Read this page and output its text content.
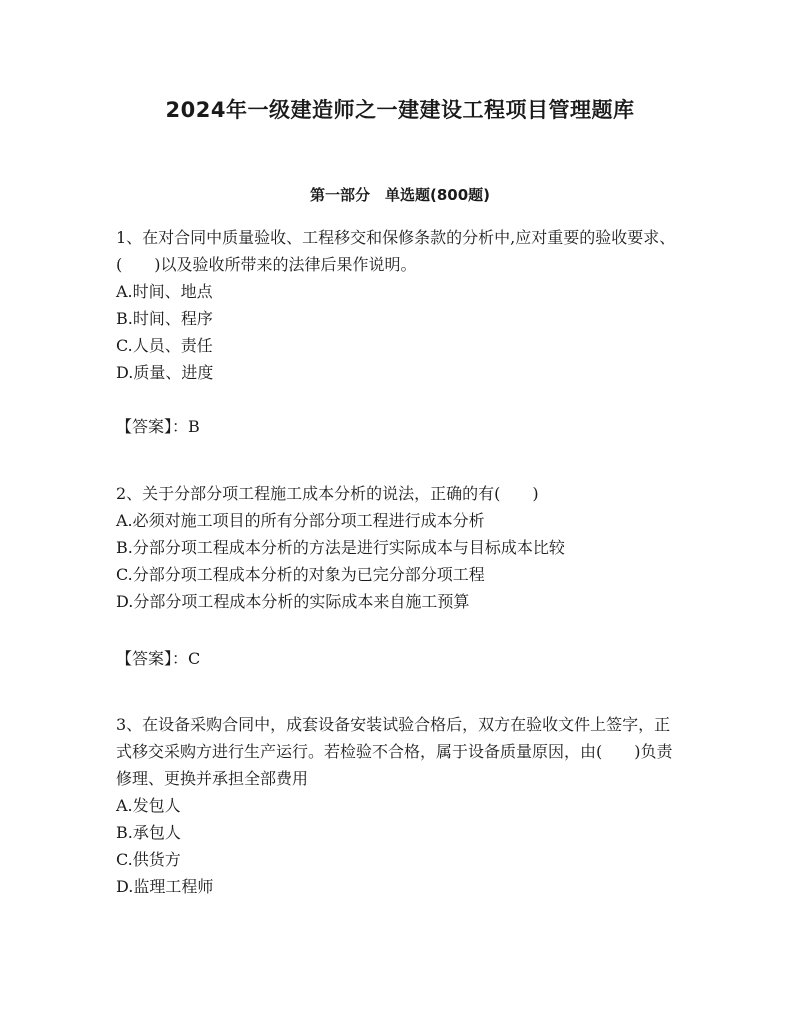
2024年一级建造师之一建建设工程项目管理题库
第一部分　单选题(800题)

1、在对合同中质量验收、工程移交和保修条款的分析中,应对重要的验收要求、(　　)以及验收所带来的法律后果作说明。

A.时间、地点
B.时间、程序
C.人员、责任
D.质量、进度

【答案】：B

2、关于分部分项工程施工成本分析的说法，正确的有(　　)

A.必须对施工项目的所有分部分项工程进行成本分析
B.分部分项工程成本分析的方法是进行实际成本与目标成本比较
C.分部分项工程成本分析的对象为已完分部分项工程
D.分部分项工程成本分析的实际成本来自施工预算

【答案】：C

3、在设备采购合同中，成套设备安装试验合格后，双方在验收文件上签字，正式移交采购方进行生产运行。若检验不合格，属于设备质量原因，由(　　)负责修理、更换并承担全部费用

A.发包人
B.承包人
C.供货方
D.监理工程师
